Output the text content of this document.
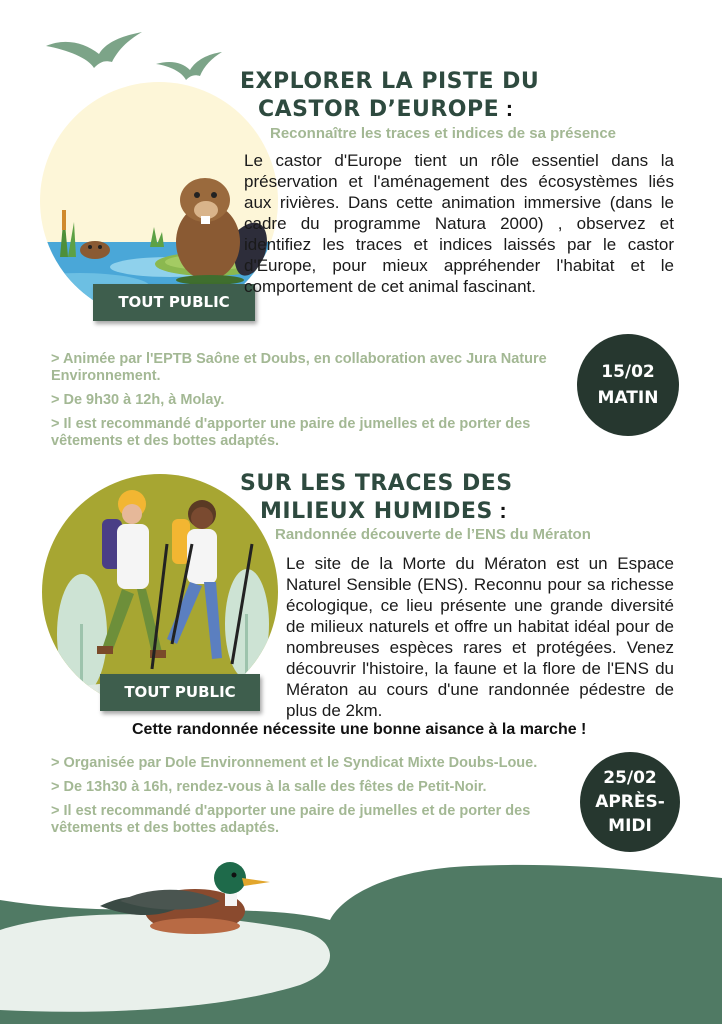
TOUT PUBLIC
EXPLORER LA PISTE DU
CASTOR D’EUROPE :
Reconnaître les traces et indices de sa présence
Le castor d'Europe tient un rôle essentiel dans la préservation et l'aménagement des écosystèmes liés aux rivières. Dans cette animation immersive (dans le cadre du programme Natura 2000) , observez et identifiez les traces et indices laissés par le castor d'Europe, pour mieux appréhender l'habitat et le comportement de cet animal fascinant.

> Animée par l'EPTB Saône et Doubs, en collaboration avec Jura Nature Environnement.

> De 9h30 à 12h, à Molay.

> Il est recommandé d'apporter une paire de jumelles et de porter des vêtements et des bottes adaptés.

15/02
MATIN
TOUT PUBLIC
SUR LES TRACES DES
MILIEUX HUMIDES :
Randonnée découverte de l’ENS du Mératon
Le site de la Morte du Mératon est un Espace Naturel Sensible (ENS). Reconnu pour sa richesse écologique, ce lieu présente une grande diversité de milieux naturels et offre un habitat idéal pour de nombreuses espèces rares et protégées. Venez découvrir l'histoire, la faune et la flore de l'ENS du Mératon au cours d'une randonnée pédestre de plus de 2km.
Cette randonnée nécessite une bonne aisance à la marche !

> Organisée par Dole Environnement et le Syndicat Mixte Doubs-Loue.

> De 13h30 à 16h, rendez-vous à la salle des fêtes de Petit-Noir.

> Il est recommandé d'apporter une paire de jumelles et de porter des vêtements et des bottes adaptés.

25/02
APRÈS-
MIDI
